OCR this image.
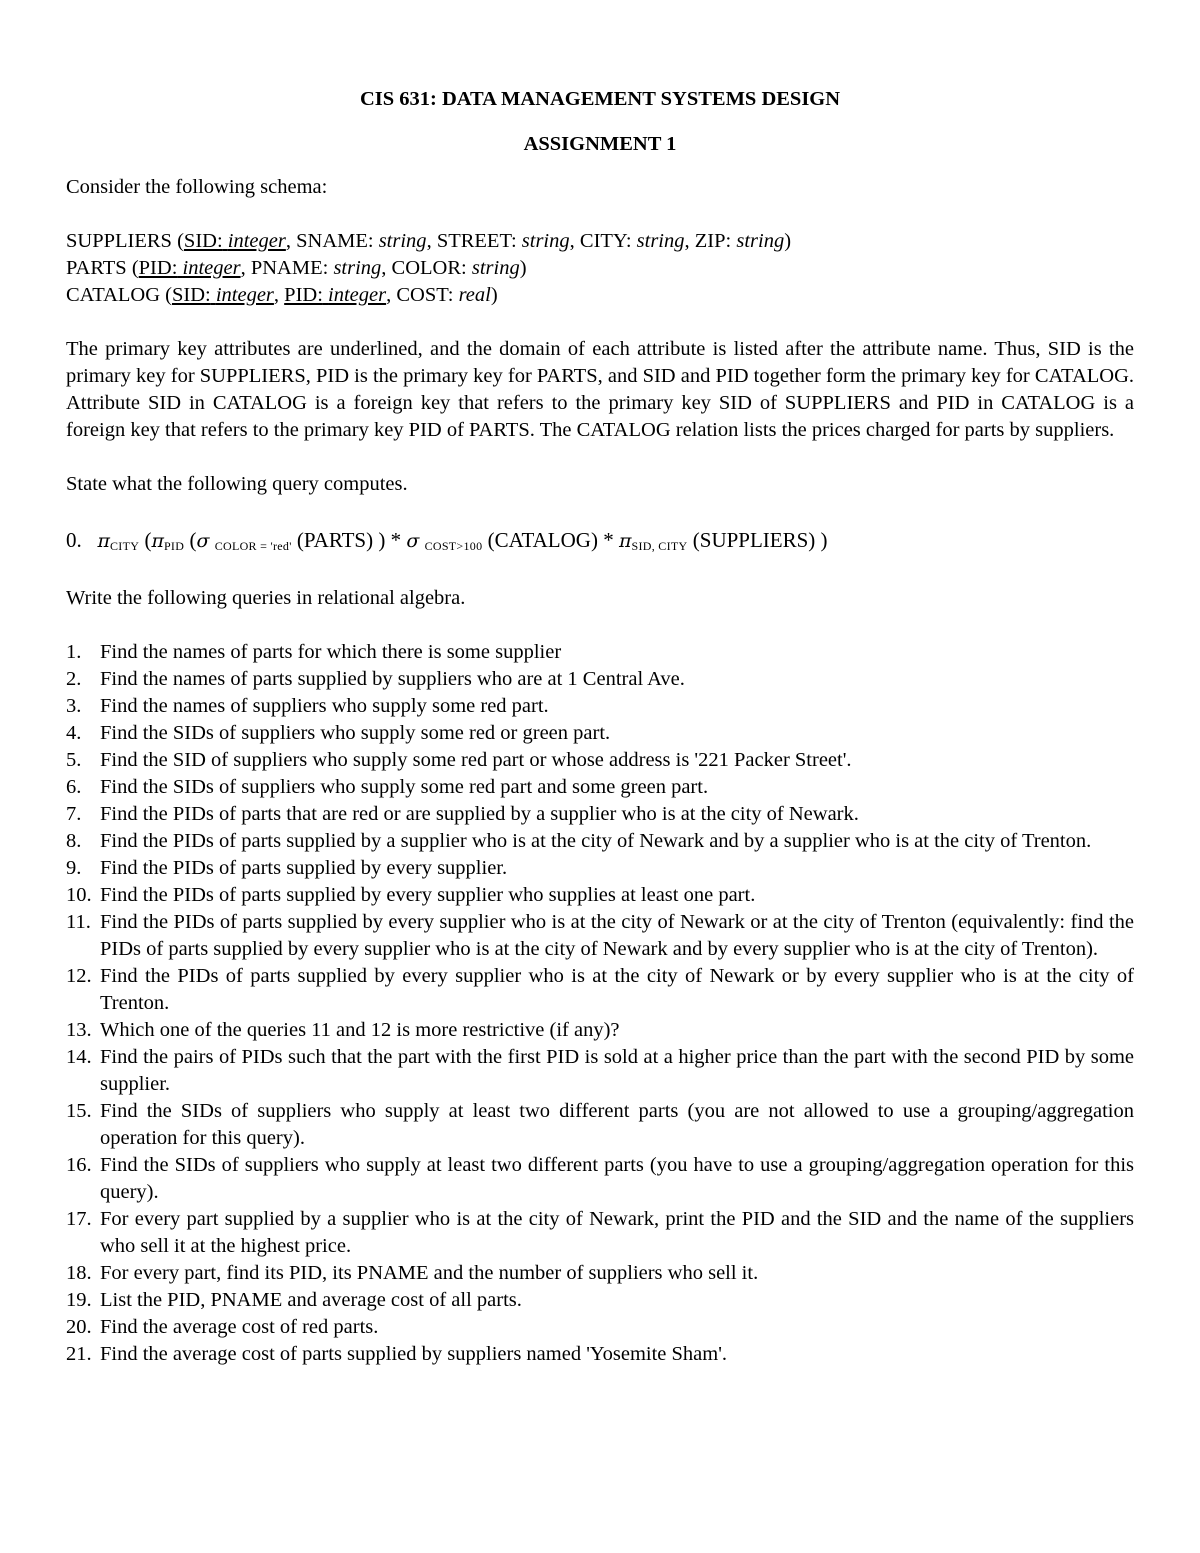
CIS 631: DATA MANAGEMENT SYSTEMS DESIGN
ASSIGNMENT 1

Consider the following schema:

SUPPLIERS (SID: integer, SNAME: string, STREET: string, CITY: string, ZIP: string)
PARTS (PID: integer, PNAME: string, COLOR: string)
CATALOG (SID: integer, PID: integer, COST: real)

The primary key attributes are underlined, and the domain of each attribute is listed after the attribute name. Thus, SID is the primary key for SUPPLIERS, PID is the primary key for PARTS, and SID and PID together form the primary key for CATALOG. Attribute SID in CATALOG is a foreign key that refers to the primary key SID of SUPPLIERS and PID in CATALOG is a foreign key that refers to the primary key PID of PARTS. The CATALOG relation lists the prices charged for parts by suppliers.

State what the following query computes.

0. $\pi_{CITY}$ ($\pi_{PID}$ (σ $_{COLOR = 'red'}$ (PARTS) ) * σ $_{COST>100}$ (CATALOG) * $\pi_{SID, CITY}$ (SUPPLIERS) )

Write the following queries in relational algebra.

1. Find the names of parts for which there is some supplier
2. Find the names of parts supplied by suppliers who are at 1 Central Ave.
3. Find the names of suppliers who supply some red part.
4. Find the SIDs of suppliers who supply some red or green part.
5. Find the SID of suppliers who supply some red part or whose address is '221 Packer Street'.
6. Find the SIDs of suppliers who supply some red part and some green part.
7. Find the PIDs of parts that are red or are supplied by a supplier who is at the city of Newark.
8. Find the PIDs of parts supplied by a supplier who is at the city of Newark and by a supplier who is at the city of Trenton.
9. Find the PIDs of parts supplied by every supplier.
10. Find the PIDs of parts supplied by every supplier who supplies at least one part.
11. Find the PIDs of parts supplied by every supplier who is at the city of Newark or at the city of Trenton (equivalently: find the PIDs of parts supplied by every supplier who is at the city of Newark and by every supplier who is at the city of Trenton).
12. Find the PIDs of parts supplied by every supplier who is at the city of Newark or by every supplier who is at the city of Trenton.
13. Which one of the queries 11 and 12 is more restrictive (if any)?
14. Find the pairs of PIDs such that the part with the first PID is sold at a higher price than the part with the second PID by some supplier.
15. Find the SIDs of suppliers who supply at least two different parts (you are not allowed to use a grouping/aggregation operation for this query).
16. Find the SIDs of suppliers who supply at least two different parts (you have to use a grouping/aggregation operation for this query).
17. For every part supplied by a supplier who is at the city of Newark, print the PID and the SID and the name of the suppliers who sell it at the highest price.
18. For every part, find its PID, its PNAME and the number of suppliers who sell it.
19. List the PID, PNAME and average cost of all parts.
20. Find the average cost of red parts.
21. Find the average cost of parts supplied by suppliers named 'Yosemite Sham'.
